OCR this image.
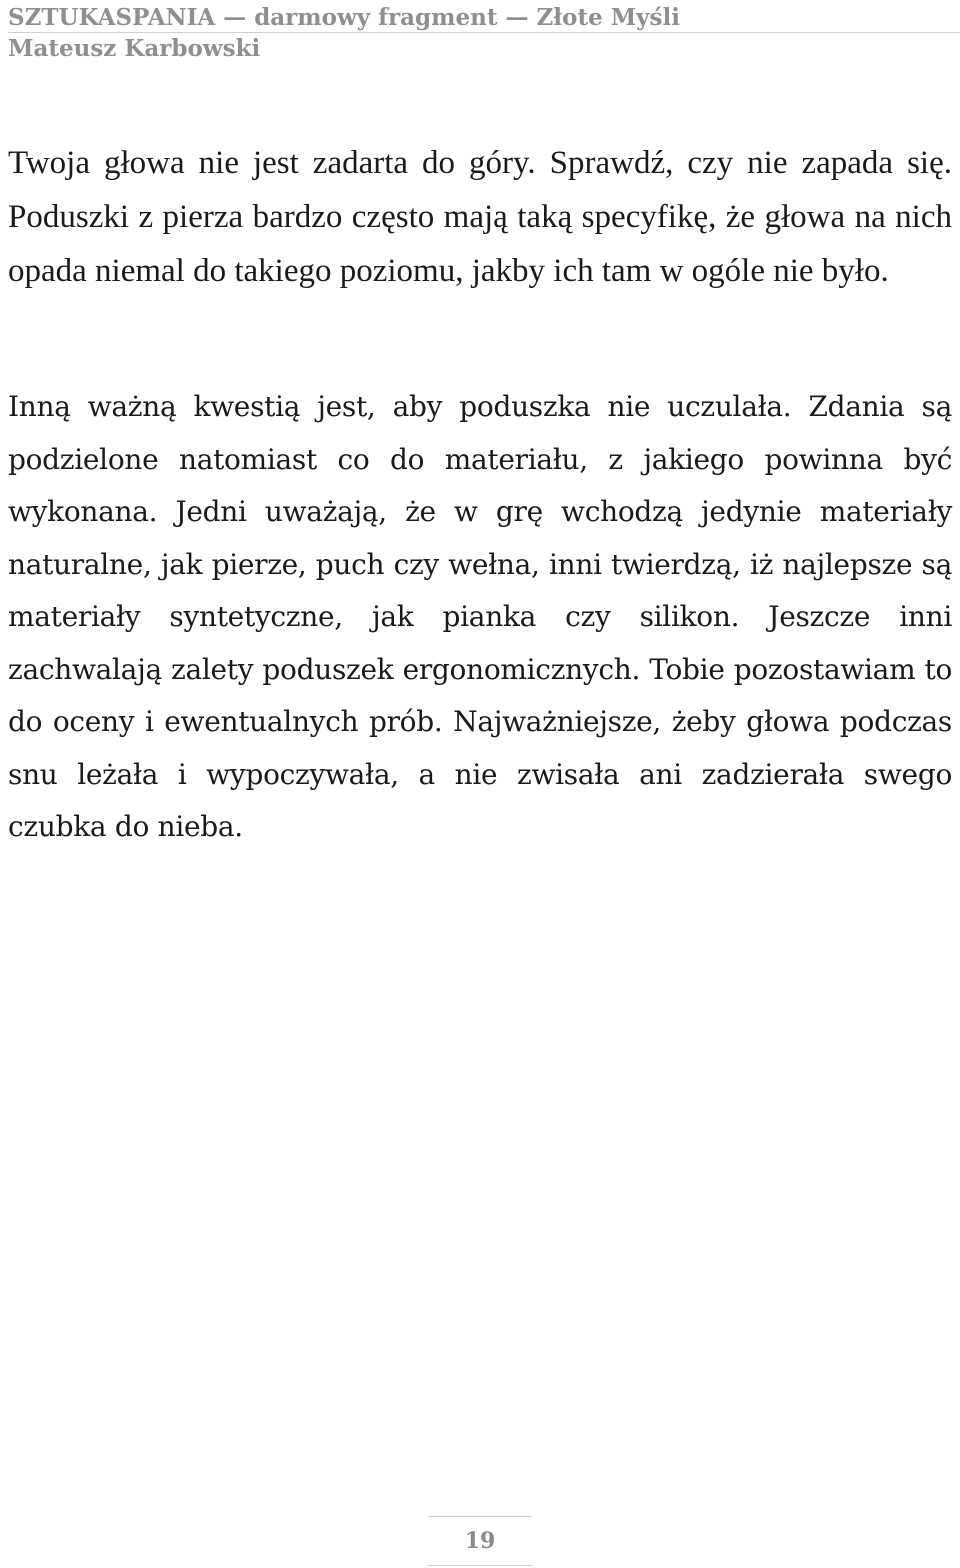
SZTUKASPANIA — darmowy fragment — Złote Myśli
Mateusz Karbowski

Twoja głowa nie jest zadarta do góry. Sprawdź, czy nie zapada się. Poduszki z pierza bardzo często mają taką specyfikę, że głowa na nich opada niemal do takiego poziomu, jakby ich tam w ogóle nie było.

Inną ważną kwestią jest, aby poduszka nie uczulała. Zdania są podzielone natomiast co do materiału, z jakiego powinna być wykonana. Jedni uważają, że w grę wchodzą jedynie materiały naturalne, jak pierze, puch czy wełna, inni twierdzą, iż najlepsze są materiały syntetyczne, jak pianka czy silikon. Jeszcze inni zachwalają zalety poduszek ergonomicznych. Tobie pozostawiam to do oceny i ewentualnych prób. Najważniejsze, żeby głowa podczas snu leżała i wypoczywała, a nie zwisała ani zadzierała swego czubka do nieba.

19
